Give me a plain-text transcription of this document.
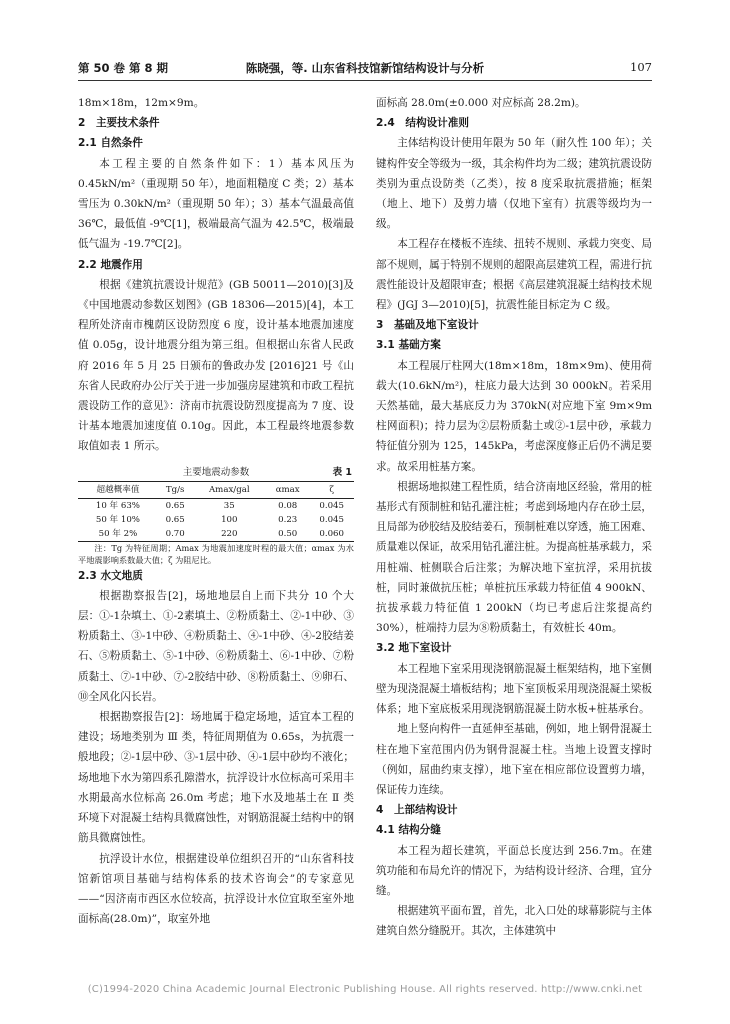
第 50 卷 第 8 期	陈晓强，等. 山东省科技馆新馆结构设计与分析	107

18m×18m，12m×9m。

2　主要技术条件
2.1 自然条件

本工程主要的自然条件如下：1）基本风压为 0.45kN/m²（重现期 50 年），地面粗糙度 C 类；2）基本雪压为 0.30kN/m²（重现期 50 年）；3）基本气温最高值 36℃，最低值 -9℃[1]，极端最高气温为 42.5℃，极端最低气温为 -19.7℃[2]。

2.2 地震作用

根据《建筑抗震设计规范》(GB 50011—2010)[3]及《中国地震动参数区划图》(GB 18306—2015)[4]，本工程所处济南市槐荫区设防烈度 6 度，设计基本地震加速度值 0.05g，设计地震分组为第三组。但根据山东省人民政府 2016 年 5 月 25 日颁布的鲁政办发 [2016]21 号《山东省人民政府办公厅关于进一步加强房屋建筑和市政工程抗震设防工作的意见》：济南市抗震设防烈度提高为 7 度、设计基本地震加速度值 0.10g。因此，本工程最终地震参数取值如表 1 所示。

主要地震动参数	表 1
超越概率值	Tg/s	Amax/gal	αmax	ζ
10 年 63%	0.65	35	0.08	0.045
50 年 10%	0.65	100	0.23	0.045
50 年 2%	0.70	220	0.50	0.060

注：Tg 为特征周期；Amax 为地震加速度时程的最大值；αmax 为水平地震影响系数最大值；ζ 为阻尼比。

2.3 水文地质

根据勘察报告[2]，场地地层自上而下共分 10 个大层：①-1杂填土、①-2素填土、②粉质黏土、②-1中砂、③粉质黏土、③-1中砂、④粉质黏土、④-1中砂、④-2胶结姜石、⑤粉质黏土、⑤-1中砂、⑥粉质黏土、⑥-1中砂、⑦粉质黏土、⑦-1中砂、⑦-2胶结中砂、⑧粉质黏土、⑨卵石、⑩全风化闪长岩。

根据勘察报告[2]：场地属于稳定场地，适宜本工程的建设；场地类别为 Ⅲ 类，特征周期值为 0.65s，为抗震一般地段；②-1层中砂、③-1层中砂、④-1层中砂均不液化；场地地下水为第四系孔隙潜水，抗浮设计水位标高可采用丰水期最高水位标高 26.0m 考虑；地下水及地基土在 Ⅱ 类环境下对混凝土结构具微腐蚀性，对钢筋混凝土结构中的钢筋具微腐蚀性。

抗浮设计水位，根据建设单位组织召开的“山东省科技馆新馆项目基础与结构体系的技术咨询会”的专家意见——“因济南市西区水位较高，抗浮设计水位宜取至室外地面标高(28.0m)”，取室外地

面标高 28.0m(±0.000 对应标高 28.2m)。

2.4　结构设计准则

主体结构设计使用年限为 50 年（耐久性 100 年）；关键构件安全等级为一级，其余构件均为二级；建筑抗震设防类别为重点设防类（乙类），按 8 度采取抗震措施；框架（地上、地下）及剪力墙（仅地下室有）抗震等级均为一级。

本工程存在楼板不连续、扭转不规则、承载力突变、局部不规则，属于特别不规则的超限高层建筑工程，需进行抗震性能设计及超限审查；根据《高层建筑混凝土结构技术规程》(JGJ 3—2010)[5]，抗震性能目标定为 C 级。

3　基础及地下室设计
3.1 基础方案

本工程展厅柱网大(18m×18m，18m×9m)、使用荷载大(10.6kN/m²)，柱底力最大达到 30 000kN。若采用天然基础，最大基底反力为 370kN(对应地下室 9m×9m 柱网面积)；持力层为②层粉质黏土或②-1层中砂，承载力特征值分别为 125，145kPa，考虑深度修正后仍不满足要求。故采用桩基方案。

根据场地拟建工程性质，结合济南地区经验，常用的桩基形式有预制桩和钻孔灌注桩；考虑到场地内存在砂土层，且局部为砂胶结及胶结姜石，预制桩难以穿透，施工困难、质量难以保证，故采用钻孔灌注桩。为提高桩基承载力，采用桩端、桩侧联合后注浆；为解决地下室抗浮，采用抗拔桩，同时兼做抗压桩；单桩抗压承载力特征值 4 900kN、抗拔承载力特征值 1 200kN（均已考虑后注浆提高约 30%），桩端持力层为⑧粉质黏土，有效桩长 40m。

3.2 地下室设计

本工程地下室采用现浇钢筋混凝土框架结构，地下室侧壁为现浇混凝土墙板结构；地下室顶板采用现浇混凝土梁板体系；地下室底板采用现浇钢筋混凝土防水板+桩基承台。

地上竖向构件一直延伸至基础，例如，地上钢骨混凝土柱在地下室范围内仍为钢骨混凝土柱。当地上设置支撑时（例如，屈曲约束支撑），地下室在相应部位设置剪力墙，保证传力连续。

4　上部结构设计
4.1 结构分缝

本工程为超长建筑，平面总长度达到 256.7m。在建筑功能和布局允许的情况下，为结构设计经济、合理，宜分缝。

根据建筑平面布置，首先，北入口处的球幕影院与主体建筑自然分缝脱开。其次，主体建筑中

(C)1994-2020 China Academic Journal Electronic Publishing House. All rights reserved. http://www.cnki.net
